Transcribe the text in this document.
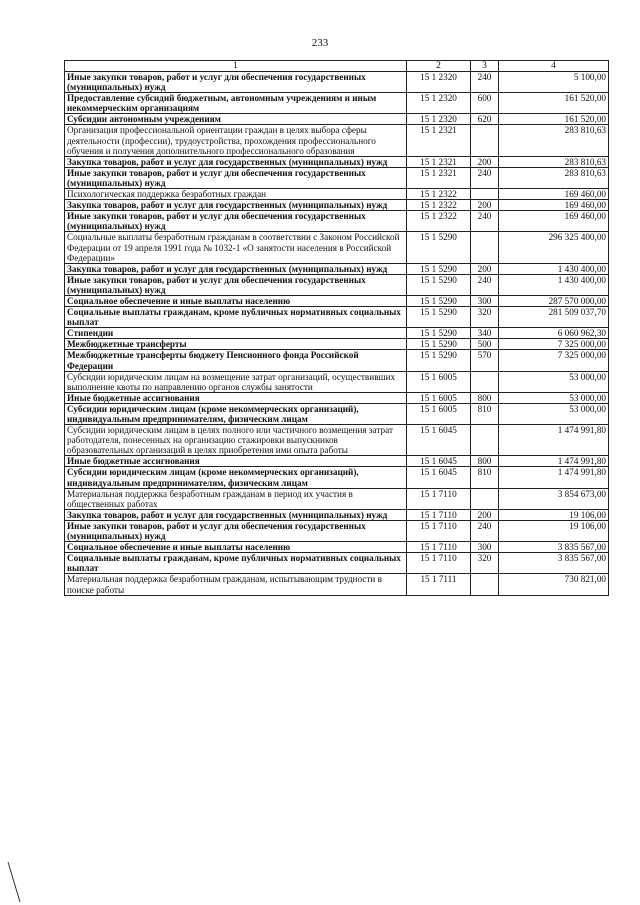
233
1	2	3	4
Иные закупки товаров, работ и услуг для обеспечения государственных (муниципальных) нужд	15 1 2320	240	5 100,00
Предоставление субсидий бюджетным, автономным учреждениям и иным некоммерческим организациям	15 1 2320	600	161 520,00
Субсидии автономным учреждениям	15 1 2320	620	161 520,00
Организация профессиональной ориентации граждан в целях выбора сферы деятельности (профессии), трудоустройства, прохождения профессионального обучения и получения дополнительного профессионального образования	15 1 2321		283 810,63
Закупка товаров, работ и услуг для государственных (муниципальных) нужд	15 1 2321	200	283 810,63
Иные закупки товаров, работ и услуг для обеспечения государственных (муниципальных) нужд	15 1 2321	240	283 810,63
Психологическая поддержка безработных граждан	15 1 2322		169 460,00
Закупка товаров, работ и услуг для государственных (муниципальных) нужд	15 1 2322	200	169 460,00
Иные закупки товаров, работ и услуг для обеспечения государственных (муниципальных) нужд	15 1 2322	240	169 460,00
Социальные выплаты безработным гражданам в соответствии с Законом Российской Федерации от 19 апреля 1991 года № 1032-1 «О занятости населения в Российской Федерации»	15 1 5290		296 325 400,00
Закупка товаров, работ и услуг для государственных (муниципальных) нужд	15 1 5290	200	1 430 400,00
Иные закупки товаров, работ и услуг для обеспечения государственных (муниципальных) нужд	15 1 5290	240	1 430 400,00
Социальное обеспечение и иные выплаты населению	15 1 5290	300	287 570 000,00
Социальные выплаты гражданам, кроме публичных нормативных социальных выплат	15 1 5290	320	281 509 037,70
Стипендии	15 1 5290	340	6 060 962,30
Межбюджетные трансферты	15 1 5290	500	7 325 000,00
Межбюджетные трансферты бюджету Пенсионного фонда Российской Федерации	15 1 5290	570	7 325 000,00
Субсидии юридическим лицам на возмещение затрат организаций, осуществивших выполнение квоты по направлению органов службы занятости	15 1 6005		53 000,00
Иные бюджетные ассигнования	15 1 6005	800	53 000,00
Субсидии юридическим лицам (кроме некоммерческих организаций), индивидуальным предпринимателям, физическим лицам	15 1 6005	810	53 000,00
Субсидии юридическим лицам в целях полного или частичного возмещения затрат работодателя, понесенных на организацию стажировки выпускников образовательных организаций в целях приобретения ими опыта работы	15 1 6045		1 474 991,80
Иные бюджетные ассигнования	15 1 6045	800	1 474 991,80
Субсидии юридическим лицам (кроме некоммерческих организаций), индивидуальным предпринимателям, физическим лицам	15 1 6045	810	1 474 991,80
Материальная поддержка безработным гражданам в период их участия в общественных работах	15 1 7110		3 854 673,00
Закупка товаров, работ и услуг для государственных (муниципальных) нужд	15 1 7110	200	19 106,00
Иные закупки товаров, работ и услуг для обеспечения государственных (муниципальных) нужд	15 1 7110	240	19 106,00
Социальное обеспечение и иные выплаты населению	15 1 7110	300	3 835 567,00
Социальные выплаты гражданам, кроме публичных нормативных социальных выплат	15 1 7110	320	3 835 567,00
Материальная поддержка безработным гражданам, испытывающим трудности в поиске работы	15 1 7111		730 821,00
